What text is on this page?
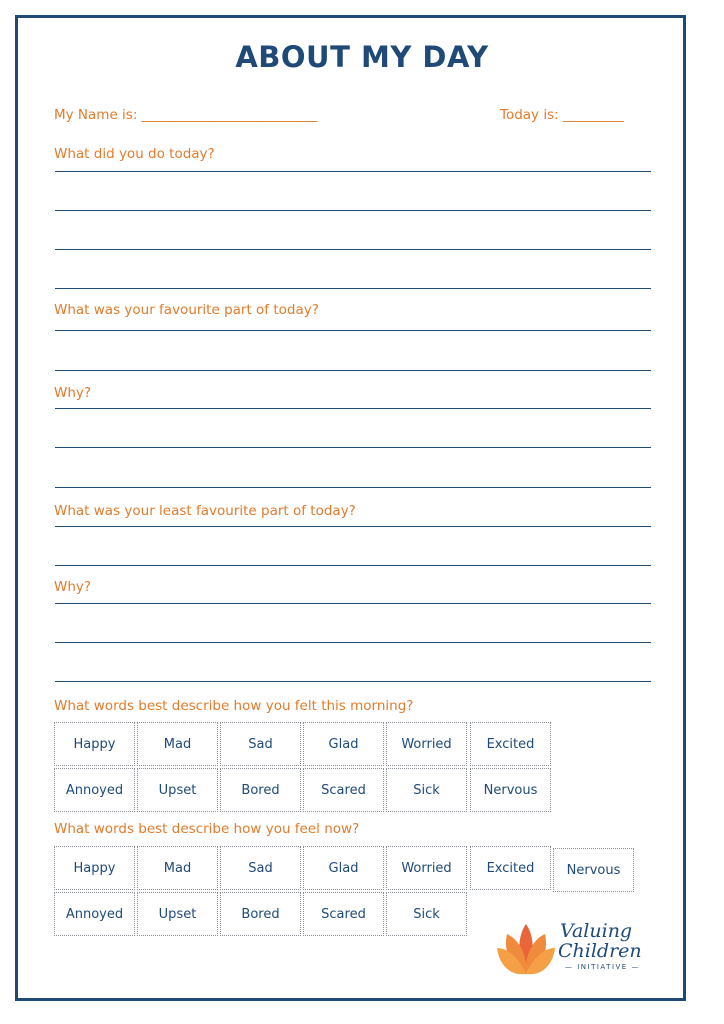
ABOUT MY DAY
My Name is: __________________________	Today is: _________
What did you do today?
What was your favourite part of today?
Why?
What was your least favourite part of today?
Why?
What words best describe how you felt this morning?
Happy	Mad	Sad	Glad	Worried	Excited
Annoyed	Upset	Bored	Scared	Sick	Nervous
What words best describe how you feel now?
Happy	Mad	Sad	Glad	Worried	Excited	Nervous
Annoyed	Upset	Bored	Scared	Sick
Valuing
Children
— INITIATIVE —
